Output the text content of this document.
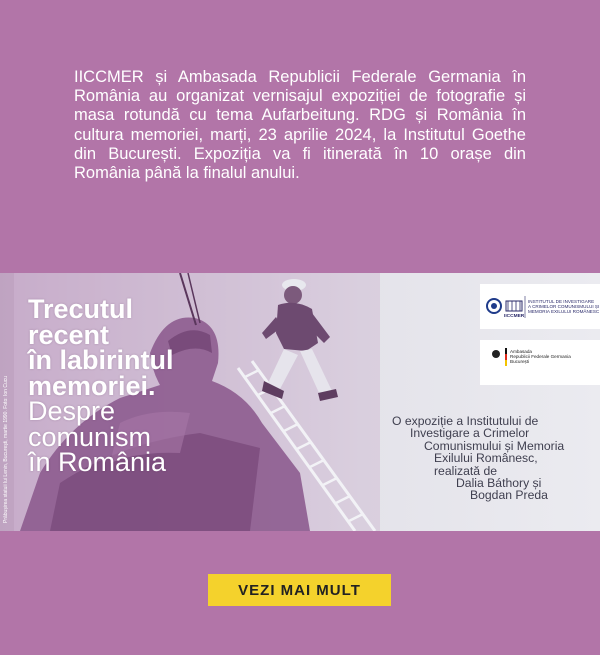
IICCMER și Ambasada Republicii Federale Germania în România au organizat vernisajul expoziției de fotografie și masa rotundă cu tema Aufarbeitung. RDG și România în cultura memoriei, marți, 23 aprilie 2024, la Institutul Goethe din București. Expoziția va fi itinerată în 10 orașe din România până la finalul anului.
Trecutul
recent
în labirintul
memoriei.
Despre
comunism
în România
Prăbușirea statuii lui Lenin, Bucureşti, martie 1990. Foto: Ion Cucu
IICCMER
INSTITUTUL DE INVESTIGARE
A CRIMELOR COMUNISMULUI ȘI
MEMORIA EXILULUI ROMÂNESC
Ambasada
Republicii Federale Germania
București
O expoziție a Institutului de
Investigare a Crimelor
Comunismului și Memoria
Exilului Românesc,
realizată de
Dalia Báthory și
Bogdan Preda
VEZI MAI MULT
